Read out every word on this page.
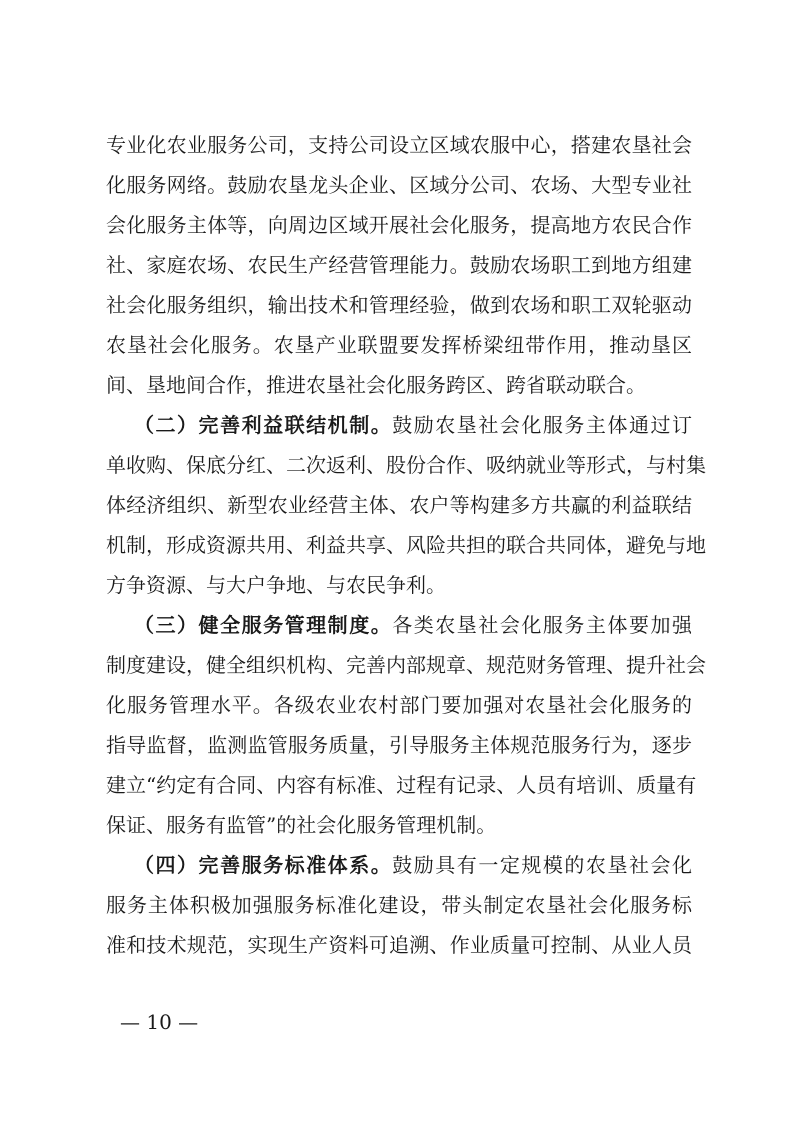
专业化农业服务公司，支持公司设立区域农服中心，搭建农垦社会
化服务网络。鼓励农垦龙头企业、区域分公司、农场、大型专业社
会化服务主体等，向周边区域开展社会化服务，提高地方农民合作
社、家庭农场、农民生产经营管理能力。鼓励农场职工到地方组建
社会化服务组织，输出技术和管理经验，做到农场和职工双轮驱动
农垦社会化服务。农垦产业联盟要发挥桥梁纽带作用，推动垦区
间、垦地间合作，推进农垦社会化服务跨区、跨省联动联合。
（二）完善利益联结机制。鼓励农垦社会化服务主体通过订
单收购、保底分红、二次返利、股份合作、吸纳就业等形式，与村集
体经济组织、新型农业经营主体、农户等构建多方共赢的利益联结
机制，形成资源共用、利益共享、风险共担的联合共同体，避免与地
方争资源、与大户争地、与农民争利。
（三）健全服务管理制度。各类农垦社会化服务主体要加强
制度建设，健全组织机构、完善内部规章、规范财务管理、提升社会
化服务管理水平。各级农业农村部门要加强对农垦社会化服务的
指导监督，监测监管服务质量，引导服务主体规范服务行为，逐步
建立“约定有合同、内容有标准、过程有记录、人员有培训、质量有
保证、服务有监管”的社会化服务管理机制。
（四）完善服务标准体系。鼓励具有一定规模的农垦社会化
服务主体积极加强服务标准化建设，带头制定农垦社会化服务标
准和技术规范，实现生产资料可追溯、作业质量可控制、从业人员
— 10 —
